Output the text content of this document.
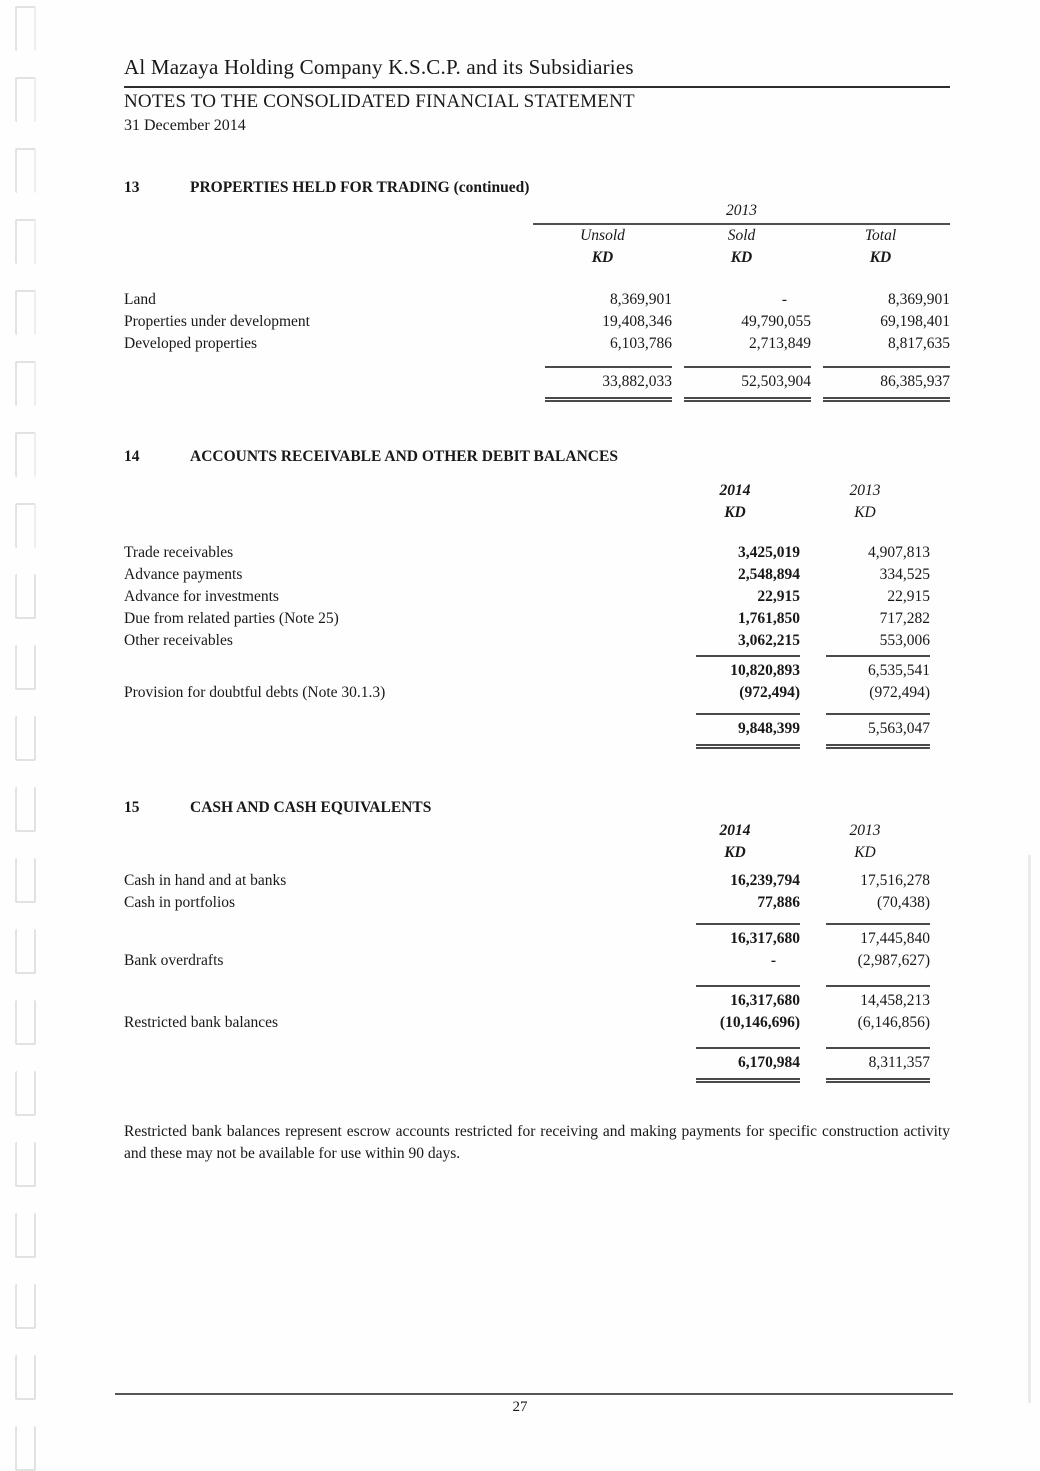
Al Mazaya Holding Company K.S.C.P. and its Subsidiaries
NOTES TO THE CONSOLIDATED FINANCIAL STATEMENT
31 December 2014
13	PROPERTIES HELD FOR TRADING (continued)
2013
Unsold	Sold	Total
KD	KD	KD
Land	8,369,901	-	8,369,901
Properties under development	19,408,346	49,790,055	69,198,401
Developed properties	6,103,786	2,713,849	8,817,635
33,882,033	52,503,904	86,385,937
14	ACCOUNTS RECEIVABLE AND OTHER DEBIT BALANCES
2014	2013
KD	KD
Trade receivables	3,425,019	4,907,813
Advance payments	2,548,894	334,525
Advance for investments	22,915	22,915
Due from related parties (Note 25)	1,761,850	717,282
Other receivables	3,062,215	553,006
10,820,893	6,535,541
Provision for doubtful debts (Note 30.1.3)	(972,494)	(972,494)
9,848,399	5,563,047
15	CASH AND CASH EQUIVALENTS
2014	2013
KD	KD
Cash in hand and at banks	16,239,794	17,516,278
Cash in portfolios	77,886	(70,438)
16,317,680	17,445,840
Bank overdrafts	-	(2,987,627)
16,317,680	14,458,213
Restricted bank balances	(10,146,696)	(6,146,856)
6,170,984	8,311,357
Restricted bank balances represent escrow accounts restricted for receiving and making payments for specific construction activity and these may not be available for use within 90 days.
27
